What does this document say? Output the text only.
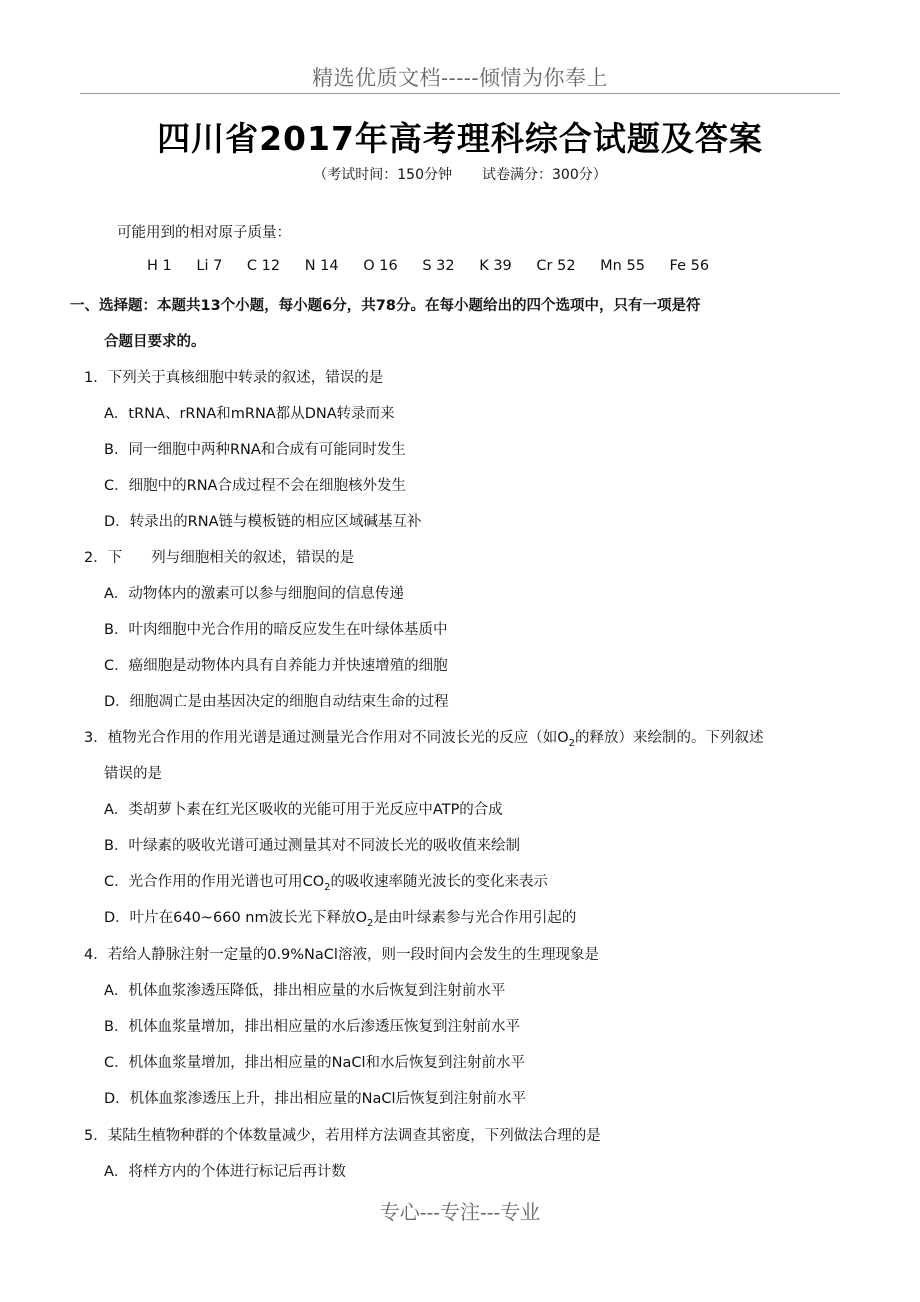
精选优质文档-----倾情为你奉上
四川省2017年高考理科综合试题及答案
（考试时间：150分钟 试卷满分：300分）
可能用到的相对原子质量：
H 1 Li 7 C 12 N 14 O 16 S 32 K 39 Cr 52 Mn 55 Fe 56
一、选择题：本题共13个小题，每小题6分，共78分。在每小题给出的四个选项中，只有一项是符
合题目要求的。
1．下列关于真核细胞中转录的叙述，错误的是
A．tRNA、rRNA和mRNA都从DNA转录而来
B．同一细胞中两种RNA和合成有可能同时发生
C．细胞中的RNA合成过程不会在细胞核外发生
D．转录出的RNA链与模板链的相应区域碱基互补
2．下　　列与细胞相关的叙述，错误的是
A．动物体内的激素可以参与细胞间的信息传递
B．叶肉细胞中光合作用的暗反应发生在叶绿体基质中
C．癌细胞是动物体内具有自养能力并快速增殖的细胞
D．细胞凋亡是由基因决定的细胞自动结束生命的过程
3．植物光合作用的作用光谱是通过测量光合作用对不同波长光的反应（如$O_2$的释放）来绘制的。下列叙述
错误的是
A．类胡萝卜素在红光区吸收的光能可用于光反应中ATP的合成
B．叶绿素的吸收光谱可通过测量其对不同波长光的吸收值来绘制
C．光合作用的作用光谱也可用$CO_2$的吸收速率随光波长的变化来表示
D．叶片在640~660 nm波长光下释放$O_2$是由叶绿素参与光合作用引起的
4．若给人静脉注射一定量的0.9%NaCl溶液，则一段时间内会发生的生理现象是
A．机体血浆渗透压降低，排出相应量的水后恢复到注射前水平
B．机体血浆量增加，排出相应量的水后渗透压恢复到注射前水平
C．机体血浆量增加，排出相应量的NaCl和水后恢复到注射前水平
D．机体血浆渗透压上升，排出相应量的NaCl后恢复到注射前水平
5．某陆生植物种群的个体数量减少，若用样方法调查其密度，下列做法合理的是
A．将样方内的个体进行标记后再计数
专心---专注---专业
